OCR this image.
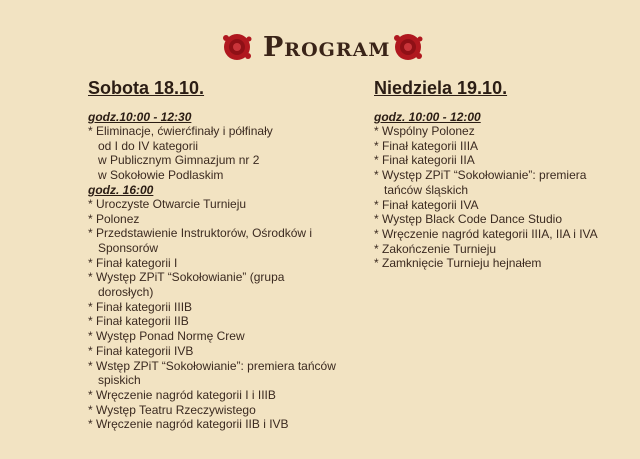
Program
Sobota 18.10.
godz.10:00 - 12:30
* Eliminacje, ćwierćfinały i półfinały
od I do IV kategorii
w Publicznym Gimnazjum nr 2
w Sokołowie Podlaskim
godz. 16:00
* Uroczyste Otwarcie Turnieju
* Polonez
* Przedstawienie Instruktorów, Ośrodków i Sponsorów
* Finał kategorii I
* Występ ZPiT “Sokołowianie” (grupa dorosłych)
* Finał kategorii IIIB
* Finał kategorii IIB
* Występ Ponad Normę Crew
* Finał kategorii IVB
* Wstęp ZPiT “Sokołowianie”: premiera tańców spiskich
* Wręczenie nagród kategorii I i IIIB
* Występ Teatru Rzeczywistego
* Wręczenie nagród kategorii IIB i IVB
Niedziela 19.10.
godz. 10:00 - 12:00
* Wspólny Polonez
* Finał kategorii IIIA
* Finał kategorii IIA
* Występ ZPiT “Sokołowianie”: premiera tańców śląskich
* Finał kategorii IVA
* Występ Black Code Dance Studio
* Wręczenie nagród kategorii IIIA, IIA i IVA
* Zakończenie Turnieju
* Zamknięcie Turnieju hejnałem
